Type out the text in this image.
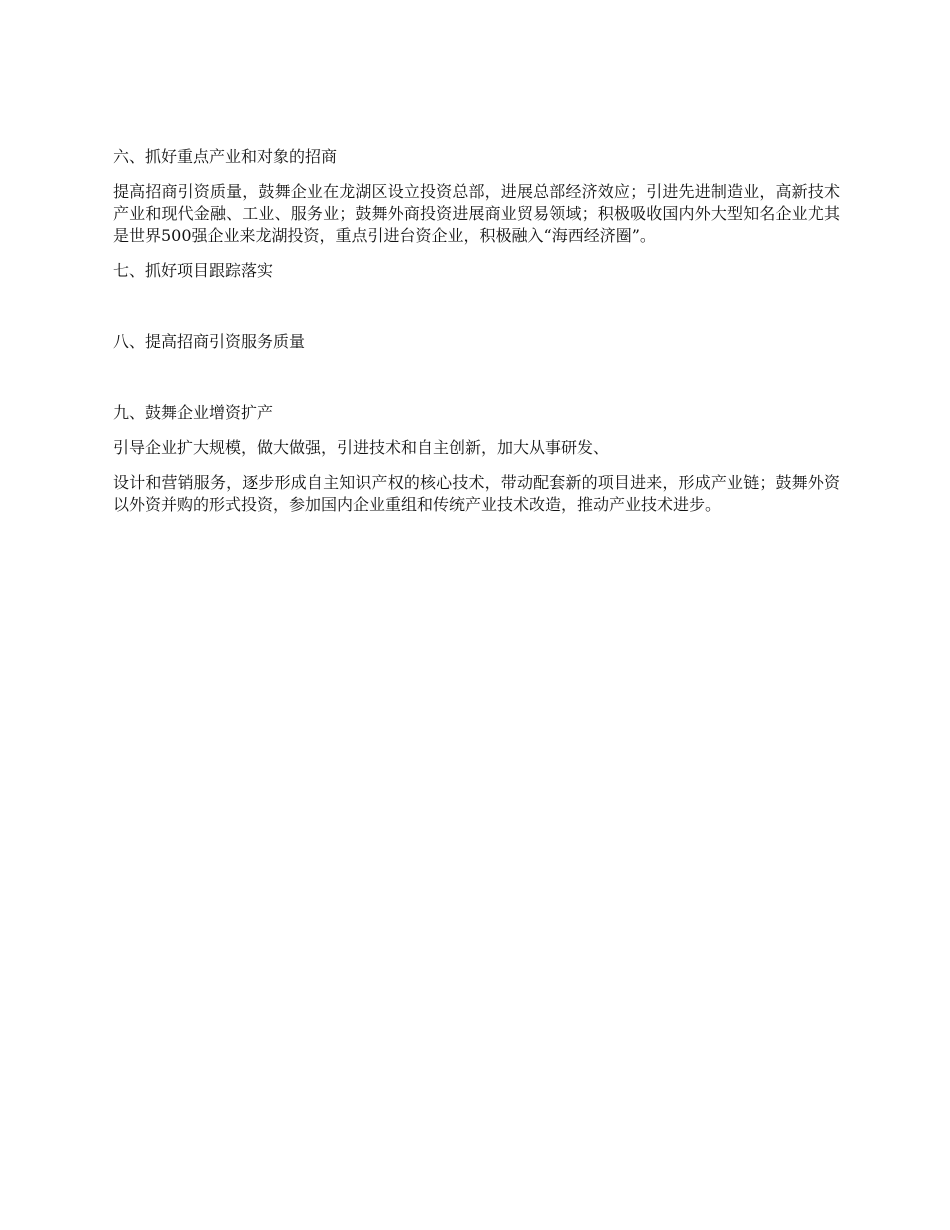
六、抓好重点产业和对象的招商

提高招商引资质量，鼓舞企业在龙湖区设立投资总部，进展总部经济效应；引进先进制造业，高新技术产业和现代金融、工业、服务业；鼓舞外商投资进展商业贸易领域；积极吸收国内外大型知名企业尤其是世界500强企业来龙湖投资，重点引进台资企业，积极融入“海西经济圈”。

七、抓好项目跟踪落实

八、提高招商引资服务质量

九、鼓舞企业增资扩产

引导企业扩大规模，做大做强，引进技术和自主创新，加大从事研发、

设计和营销服务，逐步形成自主知识产权的核心技术，带动配套新的项目进来，形成产业链；鼓舞外资以外资并购的形式投资，参加国内企业重组和传统产业技术改造，推动产业技术进步。
